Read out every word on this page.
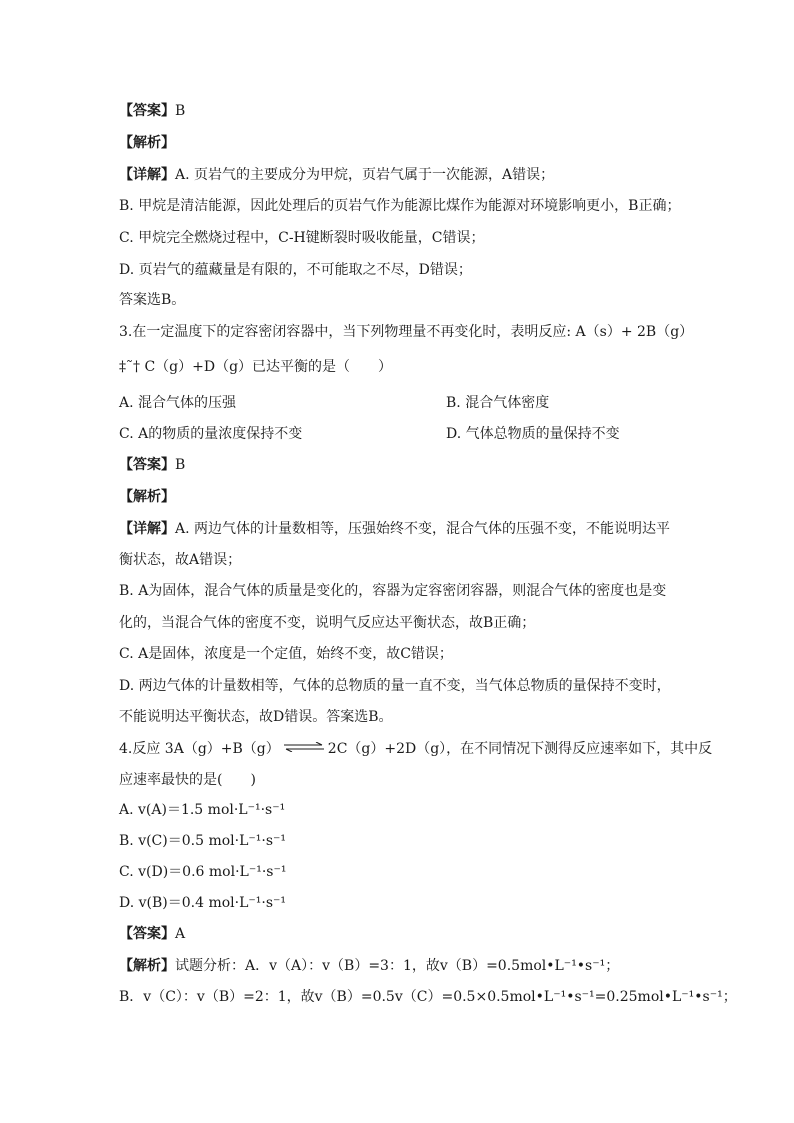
【答案】B
【解析】
【详解】A. 页岩气的主要成分为甲烷，页岩气属于一次能源，A错误；
B. 甲烷是清洁能源，因此处理后的页岩气作为能源比煤作为能源对环境影响更小，B正确；
C. 甲烷完全燃烧过程中，C-H键断裂时吸收能量，C错误；
D. 页岩气的蕴藏量是有限的，不可能取之不尽，D错误；
答案选B。
3.在一定温度下的定容密闭容器中，当下列物理量不再变化时，表明反应: A（s）+ 2B（g）
‡˜† C（g）+D（g）已达平衡的是（　　）
A. 混合气体的压强	B. 混合气体密度
C. A的物质的量浓度保持不变	D. 气体总物质的量保持不变
【答案】B
【解析】
【详解】A. 两边气体的计量数相等，压强始终不变，混合气体的压强不变，不能说明达平
衡状态，故A错误；
B. A为固体，混合气体的质量是变化的，容器为定容密闭容器，则混合气体的密度也是变
化的，当混合气体的密度不变，说明气反应达平衡状态，故B正确；
C. A是固体，浓度是一个定值，始终不变，故C错误；
D. 两边气体的计量数相等，气体的总物质的量一直不变，当气体总物质的量保持不变时，
不能说明达平衡状态，故D错误。答案选B。
4.反应 3A（g）+B（g） ⇌ 2C（g）+2D（g），在不同情况下测得反应速率如下，其中反
应速率最快的是(　　)
A. v(A)＝1.5 mol·L⁻¹·s⁻¹
B. v(C)＝0.5 mol·L⁻¹·s⁻¹
C. v(D)＝0.6 mol·L⁻¹·s⁻¹
D. v(B)＝0.4 mol·L⁻¹·s⁻¹
【答案】A
【解析】试题分析：A．v（A）：v（B）=3：1，故v（B）=0.5mol•L⁻¹•s⁻¹；
B．v（C）：v（B）=2：1，故v（B）=0.5v（C）=0.5×0.5mol•L⁻¹•s⁻¹=0.25mol•L⁻¹•s⁻¹；
